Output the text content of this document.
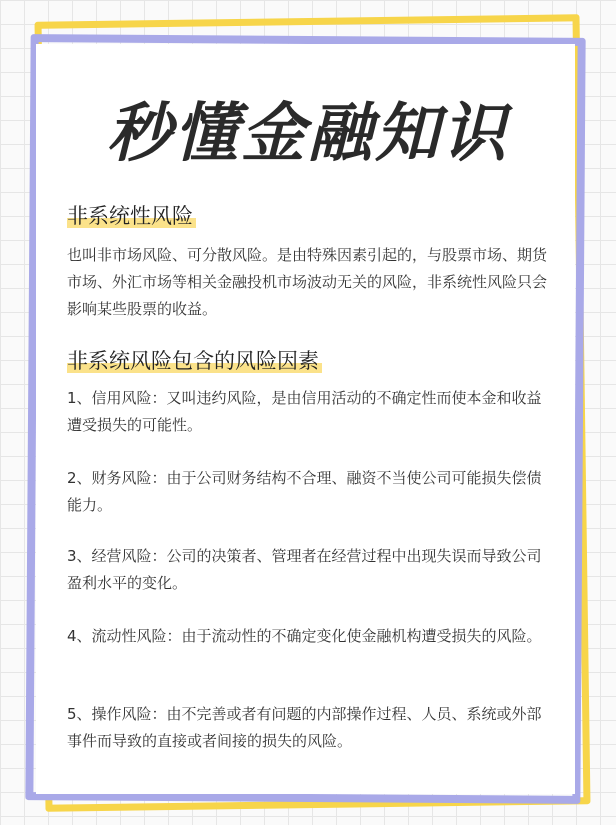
秒懂金融知识
非系统性风险

也叫非市场风险、可分散风险。是由特殊因素引起的，与股票市场、期货市场、外汇市场等相关金融投机市场波动无关的风险，非系统性风险只会影响某些股票的收益。

非系统风险包含的风险因素

1、信用风险：又叫违约风险，是由信用活动的不确定性而使本金和收益遭受损失的可能性。

2、财务风险：由于公司财务结构不合理、融资不当使公司可能损失偿债能力。

3、经营风险：公司的决策者、管理者在经营过程中出现失误而导致公司盈利水平的变化。

4、流动性风险：由于流动性的不确定变化使金融机构遭受损失的风险。

5、操作风险：由不完善或者有问题的内部操作过程、人员、系统或外部事件而导致的直接或者间接的损失的风险。
